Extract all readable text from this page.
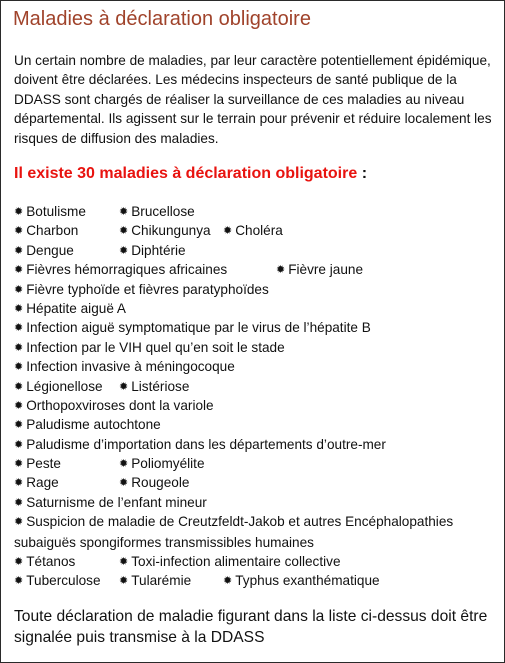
Maladies à déclaration obligatoire
Un certain nombre de maladies, par leur caractère potentiellement épidémique, doivent être déclarées. Les médecins inspecteurs de santé publique de la DDASS sont chargés de réaliser la surveillance de ces maladies au niveau départemental. Ils agissent sur le terrain pour prévenir et réduire localement les risques de diffusion des maladies.
Il existe 30 maladies à déclaration obligatoire :
✹ Botulisme	✹ Brucellose
✹ Charbon	✹ Chikungunya ✹ Choléra
✹ Dengue	✹ Diphtérie
✹ Fièvres hémorragiques africaines	✹ Fièvre jaune
✹ Fièvre typhoïde et fièvres paratyphoïdes
✹ Hépatite aiguë A
✹ Infection aiguë symptomatique par le virus de l’hépatite B
✹ Infection par le VIH quel qu’en soit le stade
✹ Infection invasive à méningocoque
✹ Légionellose ✹ Listériose
✹ Orthopoxviroses dont la variole
✹ Paludisme autochtone
✹ Paludisme d’importation dans les départements d’outre-mer
✹ Peste	✹ Poliomyélite
✹ Rage	✹ Rougeole
✹ Saturnisme de l’enfant mineur
✹ Suspicion de maladie de Creutzfeldt-Jakob et autres Encéphalopathies subaiguës spongiformes transmissibles humaines
✹ Tétanos	✹ Toxi-infection alimentaire collective
✹ Tuberculose ✹ Tularémie	✹ Typhus exanthématique
Toute déclaration de maladie figurant dans la liste ci-dessus doit être signalée puis transmise à la DDASS
